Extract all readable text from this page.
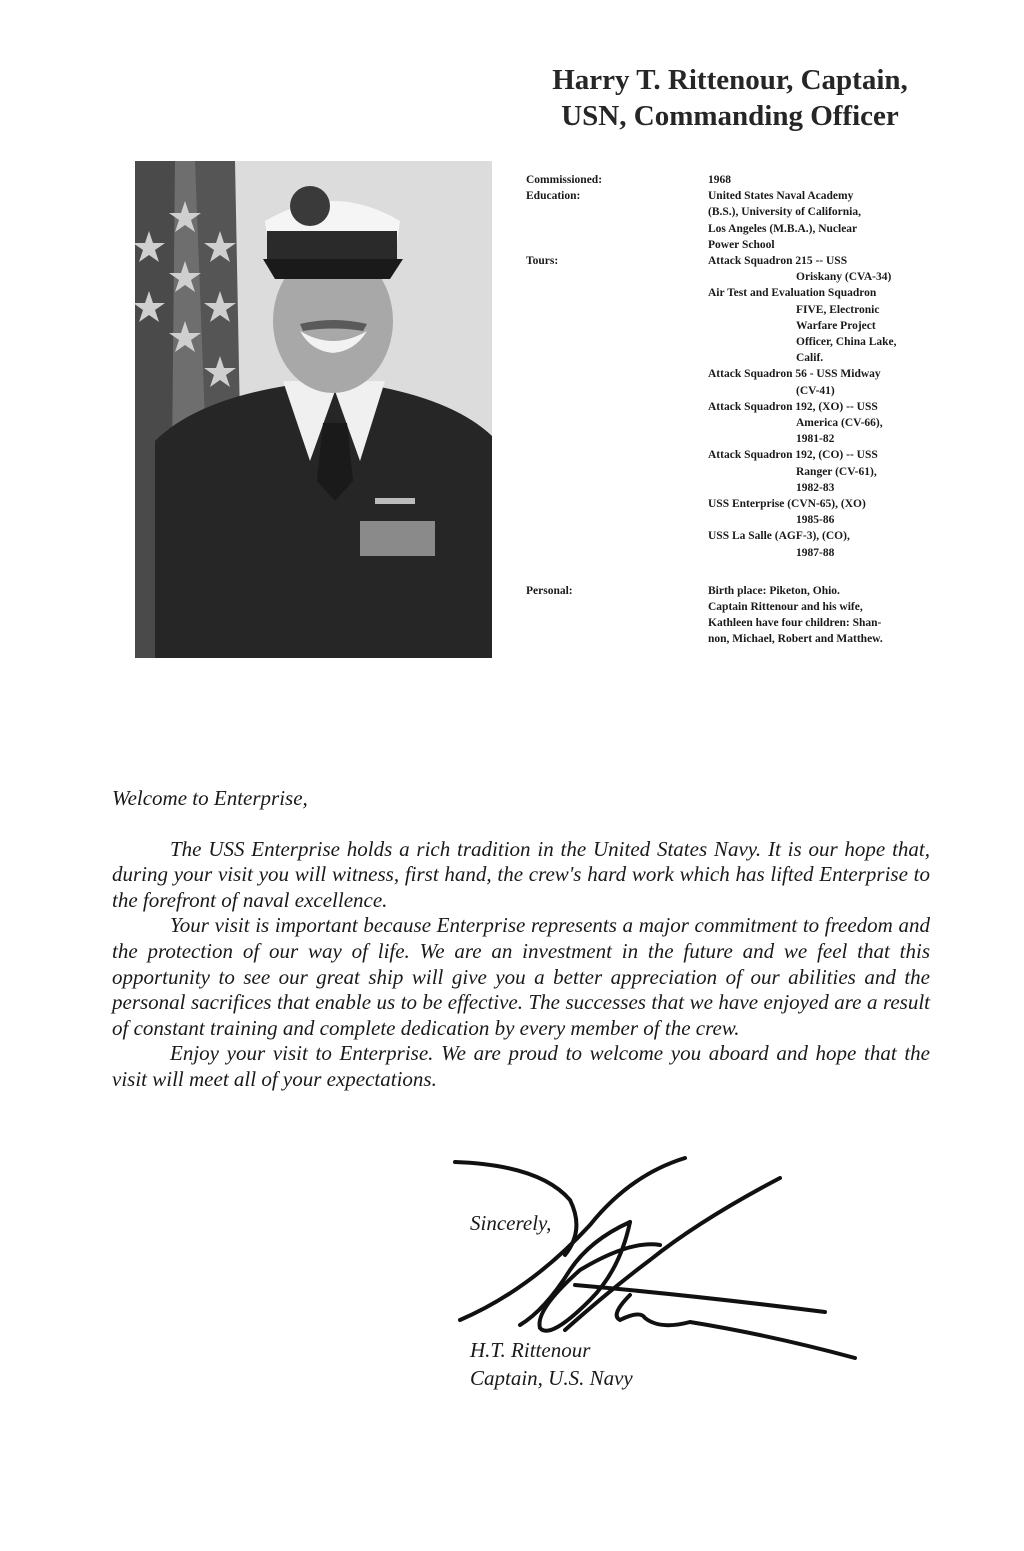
Harry T. Rittenour, Captain,
USN, Commanding Officer
Commissioned:	1968
Education:	United States Naval Academy
(B.S.), University of California,
Los Angeles (M.B.A.), Nuclear
Power School
Tours:	Attack Squadron 215 -- USS
Oriskany (CVA-34)
Air Test and Evaluation Squadron
FIVE, Electronic
Warfare Project
Officer, China Lake,
Calif.
Attack Squadron 56 - USS Midway
(CV-41)
Attack Squadron 192, (XO) -- USS
America (CV-66),
1981-82
Attack Squadron 192, (CO) -- USS
Ranger (CV-61),
1982-83
USS Enterprise (CVN-65), (XO)
1985-86
USS La Salle (AGF-3), (CO),
1987-88
Personal:	Birth place: Piketon, Ohio.
Captain Rittenour and his wife,
Kathleen have four children: Shan-
non, Michael, Robert and Matthew.

Welcome to Enterprise,

The USS Enterprise holds a rich tradition in the United States Navy. It is our hope that, during your visit you will witness, first hand, the crew's hard work which has lifted Enterprise to the forefront of naval excellence.

Your visit is important because Enterprise represents a major commitment to freedom and the protection of our way of life. We are an investment in the future and we feel that this opportunity to see our great ship will give you a better appreciation of our abilities and the personal sacrifices that enable us to be effective. The successes that we have enjoyed are a result of constant training and complete dedication by every member of the crew.

Enjoy your visit to Enterprise. We are proud to welcome you aboard and hope that the visit will meet all of your expectations.

Sincerely,
H.T. Rittenour
Captain, U.S. Navy
